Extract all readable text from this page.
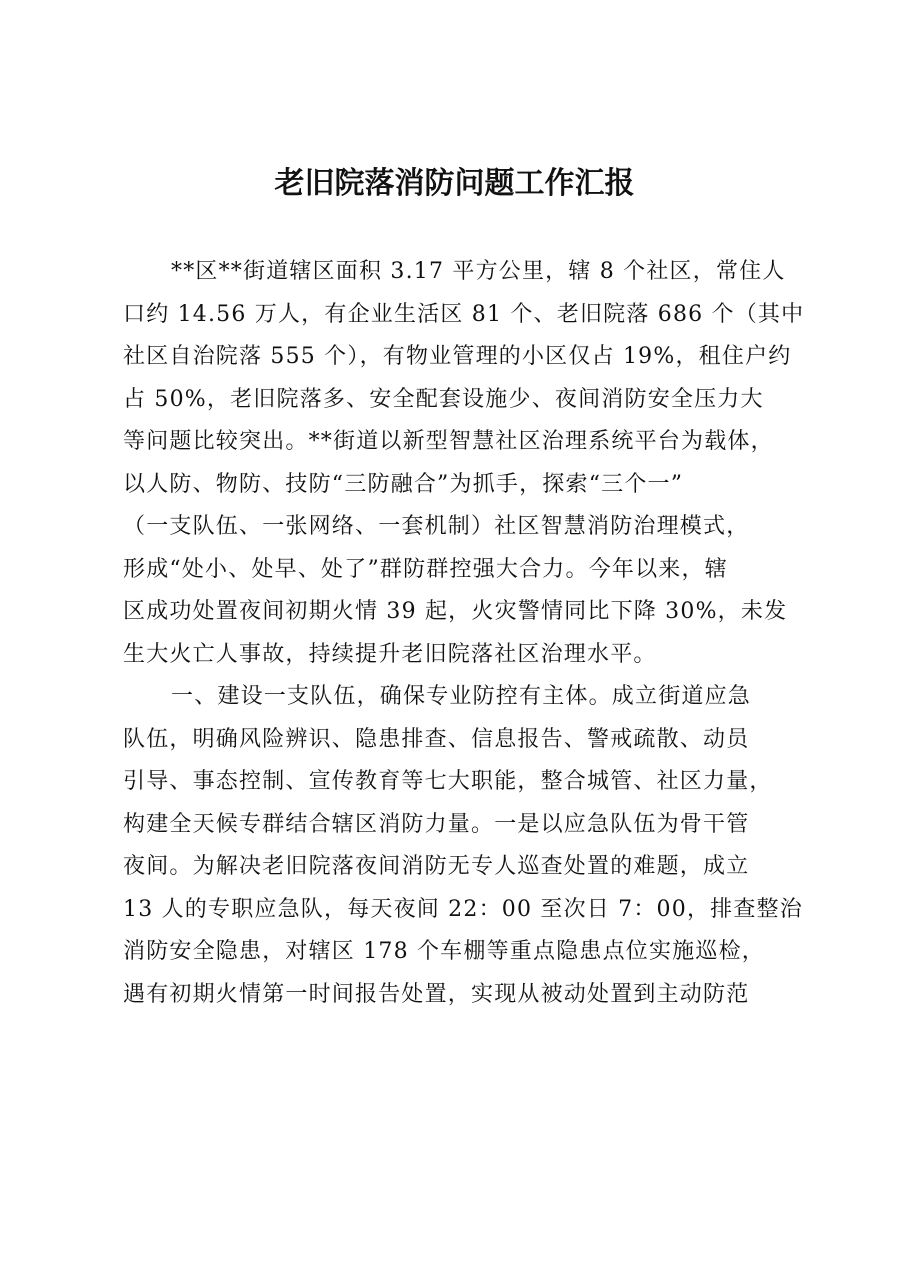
老旧院落消防问题工作汇报
**区**街道辖区面积 3.17 平方公里，辖 8 个社区，常住人
口约 14.56 万人，有企业生活区 81 个、老旧院落 686 个（其中
社区自治院落 555 个），有物业管理的小区仅占 19%，租住户约
占 50%，老旧院落多、安全配套设施少、夜间消防安全压力大
等问题比较突出。**街道以新型智慧社区治理系统平台为载体，
以人防、物防、技防“三防融合”为抓手，探索“三个一”
（一支队伍、一张网络、一套机制）社区智慧消防治理模式，
形成“处小、处早、处了”群防群控强大合力。今年以来，辖
区成功处置夜间初期火情 39 起，火灾警情同比下降 30%，未发
生大火亡人事故，持续提升老旧院落社区治理水平。
一、建设一支队伍，确保专业防控有主体。成立街道应急
队伍，明确风险辨识、隐患排查、信息报告、警戒疏散、动员
引导、事态控制、宣传教育等七大职能，整合城管、社区力量，
构建全天候专群结合辖区消防力量。一是以应急队伍为骨干管
夜间。为解决老旧院落夜间消防无专人巡查处置的难题，成立
13 人的专职应急队，每天夜间 22：00 至次日 7：00，排查整治
消防安全隐患，对辖区 178 个车棚等重点隐患点位实施巡检，
遇有初期火情第一时间报告处置，实现从被动处置到主动防范
